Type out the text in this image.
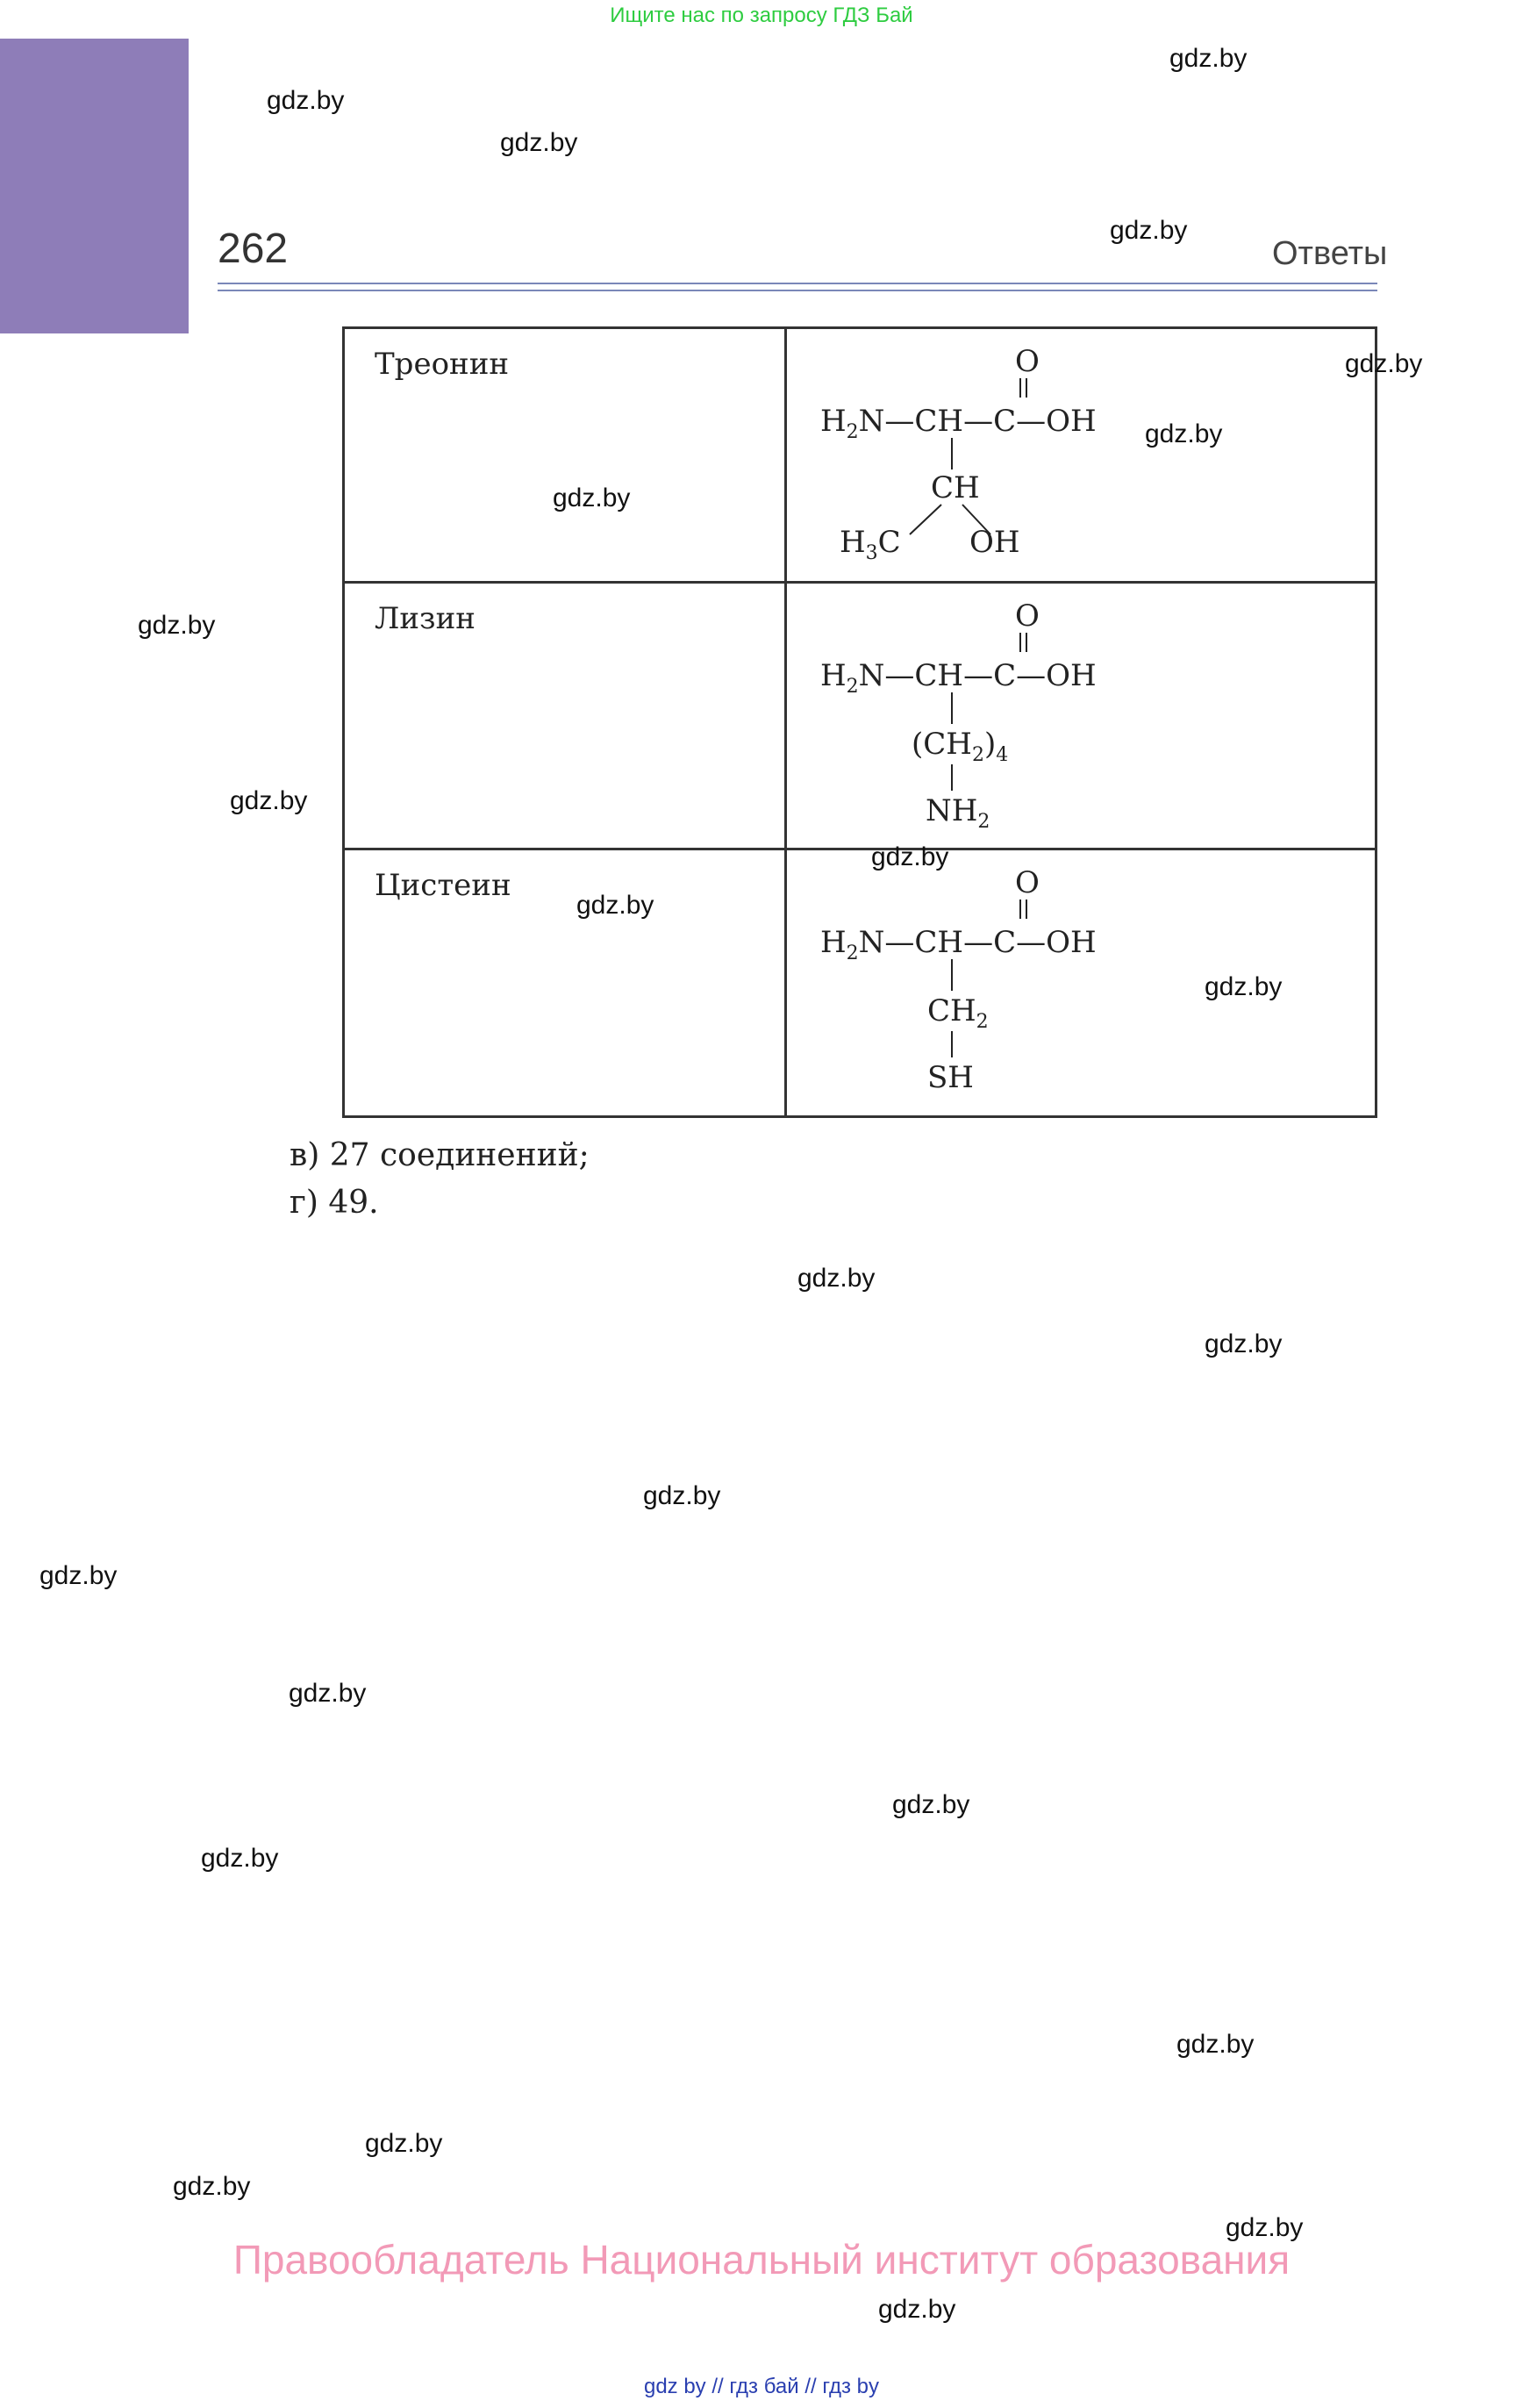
Ищите нас по запросу ГДЗ Бай
262	Ответы
Треонин	O
$H_2N—CH—C—OH$
CH
$H_3C$ OH

Лизин	O
$H_2N—CH—C—OH$
$(CH_2)_4$
$NH_2$

Цистеин	O
$H_2N—CH—C—OH$
$CH_2$
SH
в) 27 соединений;
г) 49.
gdz.by
gdz.by
gdz.by
gdz.by
gdz.by
gdz.by
gdz.by
gdz.by
gdz.by
gdz.by
gdz.by
gdz.by
gdz.by
gdz.by
gdz.by
gdz.by
gdz.by
gdz.by
gdz.by
gdz.by
gdz.by
gdz.by
gdz.by
gdz.by
Правообладатель Национальный институт образования
gdz by // гдз бай // гдз by
